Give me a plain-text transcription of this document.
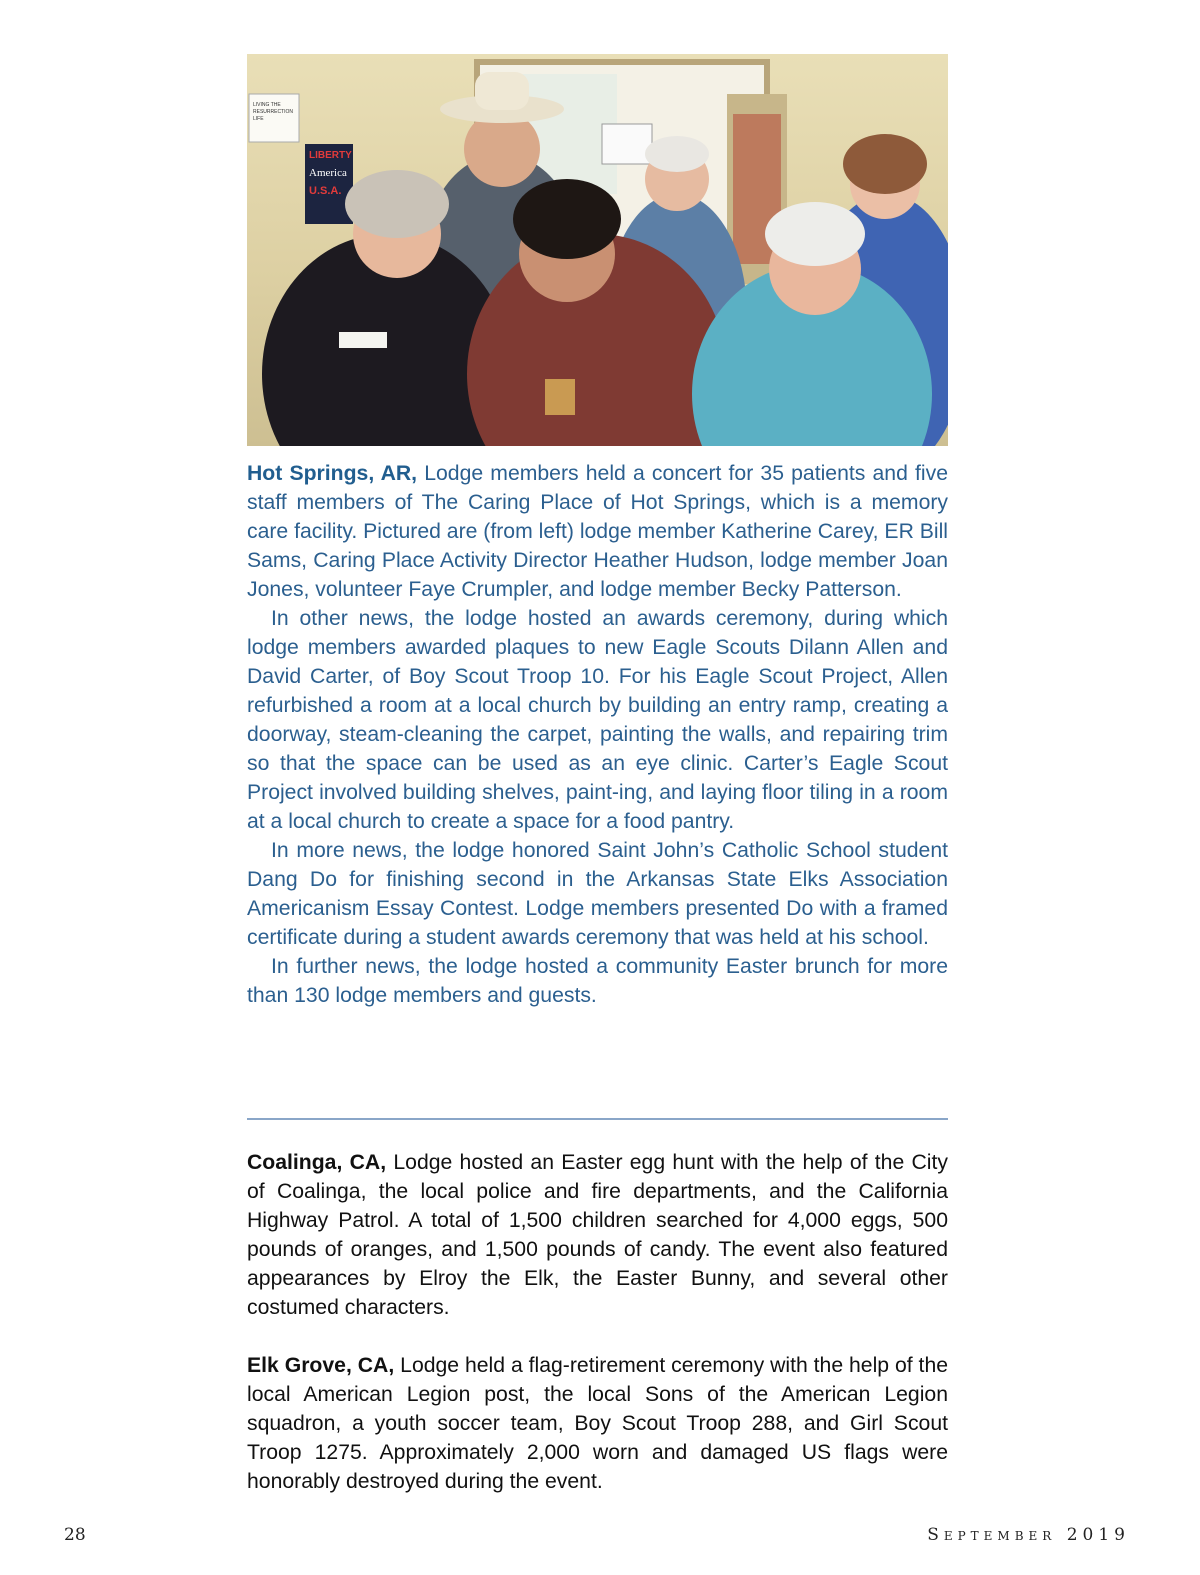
LIVING THE
RESURRECTION
LIFE
LIBERTY
America
U.S.A.

Hot Springs, AR, Lodge members held a concert for 35 patients and five staff members of The Caring Place of Hot Springs, which is a memory care facility. Pictured are (from left) lodge member Katherine Carey, ER Bill Sams, Caring Place Activity Director Heather Hudson, lodge member Joan Jones, volunteer Faye Crumpler, and lodge member Becky Patterson.

In other news, the lodge hosted an awards ceremony, during which lodge members awarded plaques to new Eagle Scouts Dilann Allen and David Carter, of Boy Scout Troop 10. For his Eagle Scout Project, Allen refurbished a room at a local church by building an entry ramp, creating a doorway, steam-cleaning the carpet, painting the walls, and repairing trim so that the space can be used as an eye clinic. Carter’s Eagle Scout Project involved building shelves, paint-ing, and laying floor tiling in a room at a local church to create a space for a food pantry.

In more news, the lodge honored Saint John’s Catholic School student Dang Do for finishing second in the Arkansas State Elks Association Americanism Essay Contest. Lodge members presented Do with a framed certificate during a student awards ceremony that was held at his school.

In further news, the lodge hosted a community Easter brunch for more than 130 lodge members and guests.

Coalinga, CA, Lodge hosted an Easter egg hunt with the help of the City of Coalinga, the local police and fire departments, and the California Highway Patrol. A total of 1,500 children searched for 4,000 eggs, 500 pounds of oranges, and 1,500 pounds of candy. The event also featured appearances by Elroy the Elk, the Easter Bunny, and several other costumed characters.

Elk Grove, CA, Lodge held a flag-retirement ceremony with the help of the local American Legion post, the local Sons of the American Legion squadron, a youth soccer team, Boy Scout Troop 288, and Girl Scout Troop 1275. Approximately 2,000 worn and damaged US flags were honorably destroyed during the event.

28	September 2019
